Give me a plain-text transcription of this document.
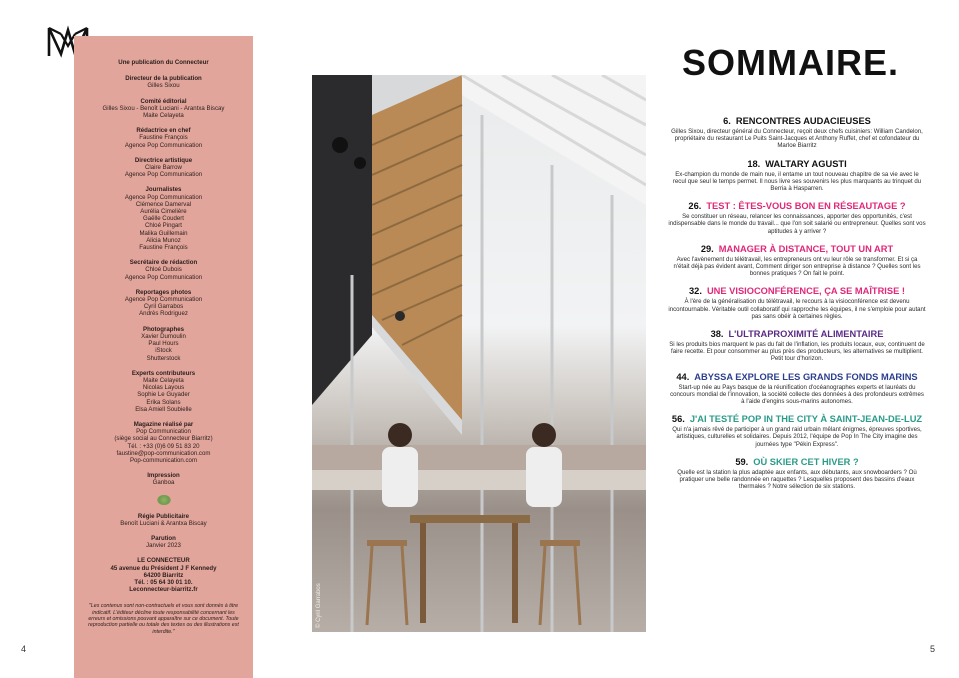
Une publication du Connecteur
Directeur de la publication
Gilles Sixou
Comité éditorial
Gilles Sixou - Benoît Luciani - Arantxa Biscay
Maite Celayeta
Rédactrice en chef
Faustine François
Agence Pop Communication
Directrice artistique
Claire Barrow
Agence Pop Communication
Journalistes
Agence Pop Communication
Clémence Damerval
Aurélia Cimelière
Gaëlle Coudert
Chloé Pingart
Malika Guillemain
Alicia Munoz
Faustine François
Secrétaire de rédaction
Chloé Dubois
Agence Pop Communication
Reportages photos
Agence Pop Communication
Cyril Garrabos
Andrès Rodriguez
Photographes
Xavier Dumoulin
Paul Hours
iStock
Shutterstock
Experts contributeurs
Maite Celayeta
Nicolas Layous
Sophie Le Guyader
Erika Solans
Elsa Amiell Soubielle
Magazine réalisé par
Pop Communication
(siège social au Connecteur Biarritz)
Tél. : +33 (0)6 09 51 83 20
faustine@pop-communication.com
Pop-communication.com
Impression
Ganboa
Régie Publicitaire
Benoît Luciani & Arantxa Biscay
Parution
Janvier 2023
LE CONNECTEUR
45 avenue du Président J F Kennedy
64200 Biarritz
Tél. : 05 64 30 01 10.
Leconnecteur-biarritz.fr
"Les contenus sont non-contractuels et vous sont donnés à titre indicatif. L'éditeur décline toute responsabilité concernant les erreurs et omissions pouvant apparaître sur ce document. Toute reproduction partielle ou totale des textes ou des illustrations est interdite."
4	5
© Cyril Garrabos
SOMMAIRE.
6. RENCONTRES AUDACIEUSES
Gilles Sixou, directeur général du Connecteur, reçoit deux chefs cuisiniers: William Candelon, propriétaire du restaurant Le Puits Saint-Jacques et Anthony Ruffet, chef et cofondateur du Marloe Biarritz
18. WALTARY AGUSTI
Ex-champion du monde de main nue, il entame un tout nouveau chapitre de sa vie avec le recul que seul le temps permet. Il nous livre ses souvenirs les plus marquants au trinquet du Berria à Hasparren.
26. TEST : ÊTES-VOUS BON EN RÉSEAUTAGE ?
Se constituer un réseau, relancer les connaissances, apporter des opportunités, c'est indispensable dans le monde du travail... que l'on soit salarié ou entrepreneur. Quelles sont vos aptitudes à y arriver ?
29. MANAGER À DISTANCE, TOUT UN ART
Avec l'avènement du télétravail, les entrepreneurs ont vu leur rôle se transformer. Et si ça n'était déjà pas évident avant, Comment diriger son entreprise à distance ? Quelles sont les bonnes pratiques ? On fait le point.
32. UNE VISIOCONFÉRENCE, ÇA SE MAÎTRISE !
À l'ère de la généralisation du télétravail, le recours à la visioconférence est devenu incontournable. Véritable outil collaboratif qui rapproche les équipes, il ne s'emploie pour autant pas sans obéir à certaines règles.
38. L'ULTRAPROXIMITÉ ALIMENTAIRE
Si les produits bios marquent le pas du fait de l'inflation, les produits locaux, eux, continuent de faire recette. Et pour consommer au plus près des producteurs, les alternatives se multiplient. Petit tour d'horizon.
44. ABYSSA EXPLORE LES GRANDS FONDS MARINS
Start-up née au Pays basque de la réunification d'océanographes experts et lauréats du concours mondial de l'innovation, la société collecte des données à des profondeurs extrêmes à l'aide d'engins sous-marins autonomes.
56. J'AI TESTÉ POP IN THE CITY À SAINT-JEAN-DE-LUZ
Qui n'a jamais rêvé de participer à un grand raid urbain mêlant énigmes, épreuves sportives, artistiques, culturelles et solidaires. Depuis 2012, l'équipe de Pop In The City imagine des journées type "Pékin Express".
59. OÙ SKIER CET HIVER ?
Quelle est la station la plus adaptée aux enfants, aux débutants, aux snowboarders ? Où pratiquer une belle randonnée en raquettes ? Lesquelles proposent des bassins d'eaux thermales ? Notre sélection de six stations.
